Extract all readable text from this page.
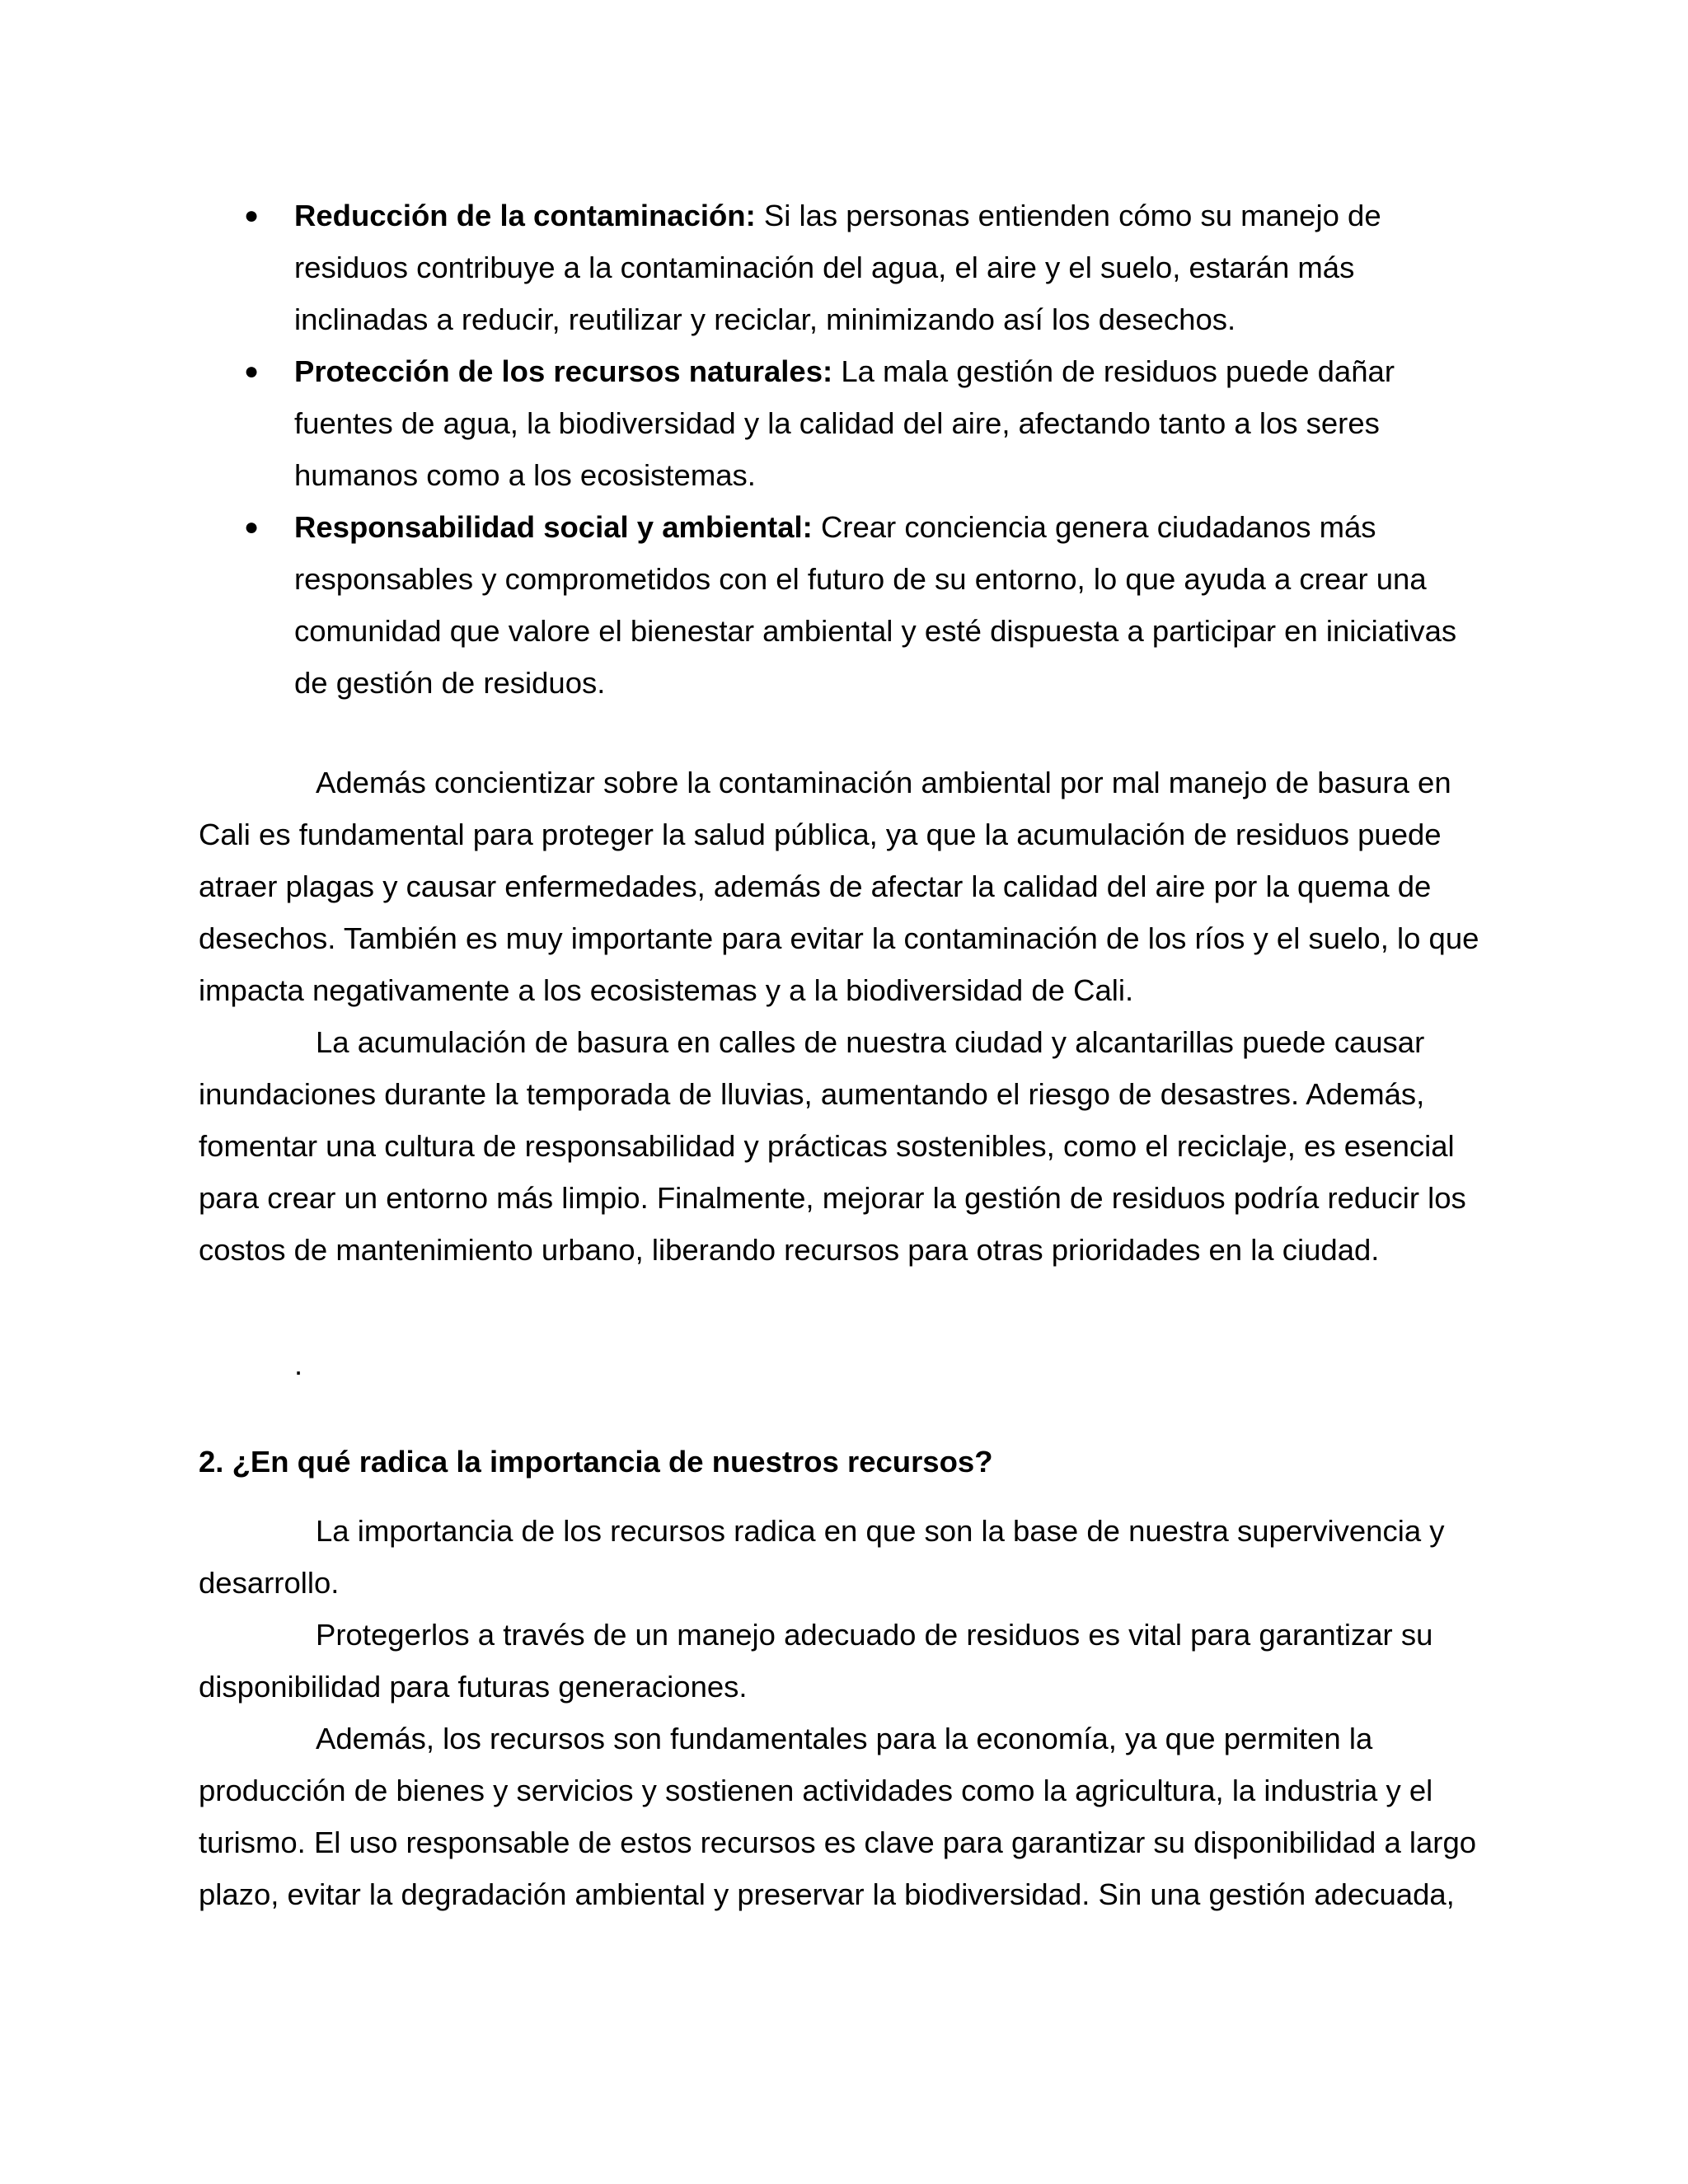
● Reducción de la contaminación: Si las personas entienden cómo su manejo de residuos contribuye a la contaminación del agua, el aire y el suelo, estarán más inclinadas a reducir, reutilizar y reciclar, minimizando así los desechos.
● Protección de los recursos naturales: La mala gestión de residuos puede dañar fuentes de agua, la biodiversidad y la calidad del aire, afectando tanto a los seres humanos como a los ecosistemas.
● Responsabilidad social y ambiental: Crear conciencia genera ciudadanos más responsables y comprometidos con el futuro de su entorno, lo que ayuda a crear una comunidad que valore el bienestar ambiental y esté dispuesta a participar en iniciativas de gestión de residuos.

Además concientizar sobre la contaminación ambiental por mal manejo de basura en Cali es fundamental para proteger la salud pública, ya que la acumulación de residuos puede atraer plagas y causar enfermedades, además de afectar la calidad del aire por la quema de desechos. También es muy importante para evitar la contaminación de los ríos y el suelo, lo que impacta negativamente a los ecosistemas y a la biodiversidad de Cali.

La acumulación de basura en calles de nuestra ciudad y alcantarillas puede causar inundaciones durante la temporada de lluvias, aumentando el riesgo de desastres. Además, fomentar una cultura de responsabilidad y prácticas sostenibles, como el reciclaje, es esencial para crear un entorno más limpio. Finalmente, mejorar la gestión de residuos podría reducir los costos de mantenimiento urbano, liberando recursos para otras prioridades en la ciudad.

.

2. ¿En qué radica la importancia de nuestros recursos?

La importancia de los recursos radica en que son la base de nuestra supervivencia y desarrollo.

Protegerlos a través de un manejo adecuado de residuos es vital para garantizar su disponibilidad para futuras generaciones.

Además, los recursos son fundamentales para la economía, ya que permiten la producción de bienes y servicios y sostienen actividades como la agricultura, la industria y el turismo. El uso responsable de estos recursos es clave para garantizar su disponibilidad a largo plazo, evitar la degradación ambiental y preservar la biodiversidad. Sin una gestión adecuada,
